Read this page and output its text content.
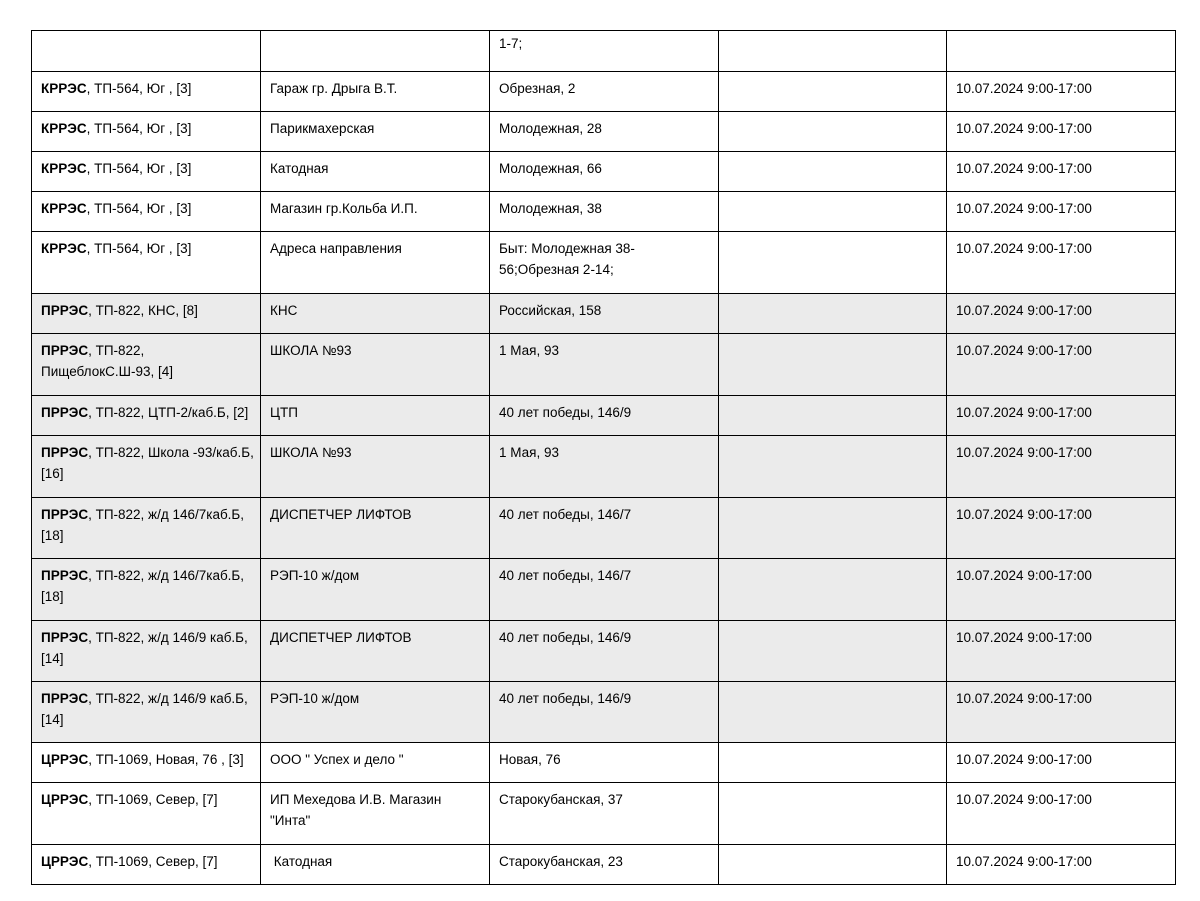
		1-7;		
КРРЭС, ТП-564, Юг , [3]	Гараж гр. Дрыга В.Т.	Обрезная, 2		10.07.2024 9:00-17:00
КРРЭС, ТП-564, Юг , [3]	Парикмахерская	Молодежная, 28		10.07.2024 9:00-17:00
КРРЭС, ТП-564, Юг , [3]	Катодная	Молодежная, 66		10.07.2024 9:00-17:00
КРРЭС, ТП-564, Юг , [3]	Магазин гр.Кольба И.П.	Молодежная, 38		10.07.2024 9:00-17:00
КРРЭС, ТП-564, Юг , [3]	Адреса направления	Быт: Молодежная 38-56;Обрезная 2-14;		10.07.2024 9:00-17:00
ПРРЭС, ТП-822, КНС, [8]	КНС	Российская, 158		10.07.2024 9:00-17:00
ПРРЭС, ТП-822, ПищеблокС.Ш-93, [4]	ШКОЛА №93	1 Мая, 93		10.07.2024 9:00-17:00
ПРРЭС, ТП-822, ЦТП-2/каб.Б, [2]	ЦТП	40 лет победы, 146/9		10.07.2024 9:00-17:00
ПРРЭС, ТП-822, Школа -93/каб.Б, [16]	ШКОЛА №93	1 Мая, 93		10.07.2024 9:00-17:00
ПРРЭС, ТП-822, ж/д 146/7каб.Б, [18]	ДИСПЕТЧЕР ЛИФТОВ	40 лет победы, 146/7		10.07.2024 9:00-17:00
ПРРЭС, ТП-822, ж/д 146/7каб.Б, [18]	РЭП-10 ж/дом	40 лет победы, 146/7		10.07.2024 9:00-17:00
ПРРЭС, ТП-822, ж/д 146/9 каб.Б, [14]	ДИСПЕТЧЕР ЛИФТОВ	40 лет победы, 146/9		10.07.2024 9:00-17:00
ПРРЭС, ТП-822, ж/д 146/9 каб.Б, [14]	РЭП-10 ж/дом	40 лет победы, 146/9		10.07.2024 9:00-17:00
ЦРРЭС, ТП-1069, Новая, 76 , [3]	ООО " Успех и дело "	Новая, 76		10.07.2024 9:00-17:00
ЦРРЭС, ТП-1069, Север, [7]	ИП Мехедова И.В. Магазин "Инта"	Старокубанская, 37		10.07.2024 9:00-17:00
ЦРРЭС, ТП-1069, Север, [7]	Катодная	Старокубанская, 23		10.07.2024 9:00-17:00
